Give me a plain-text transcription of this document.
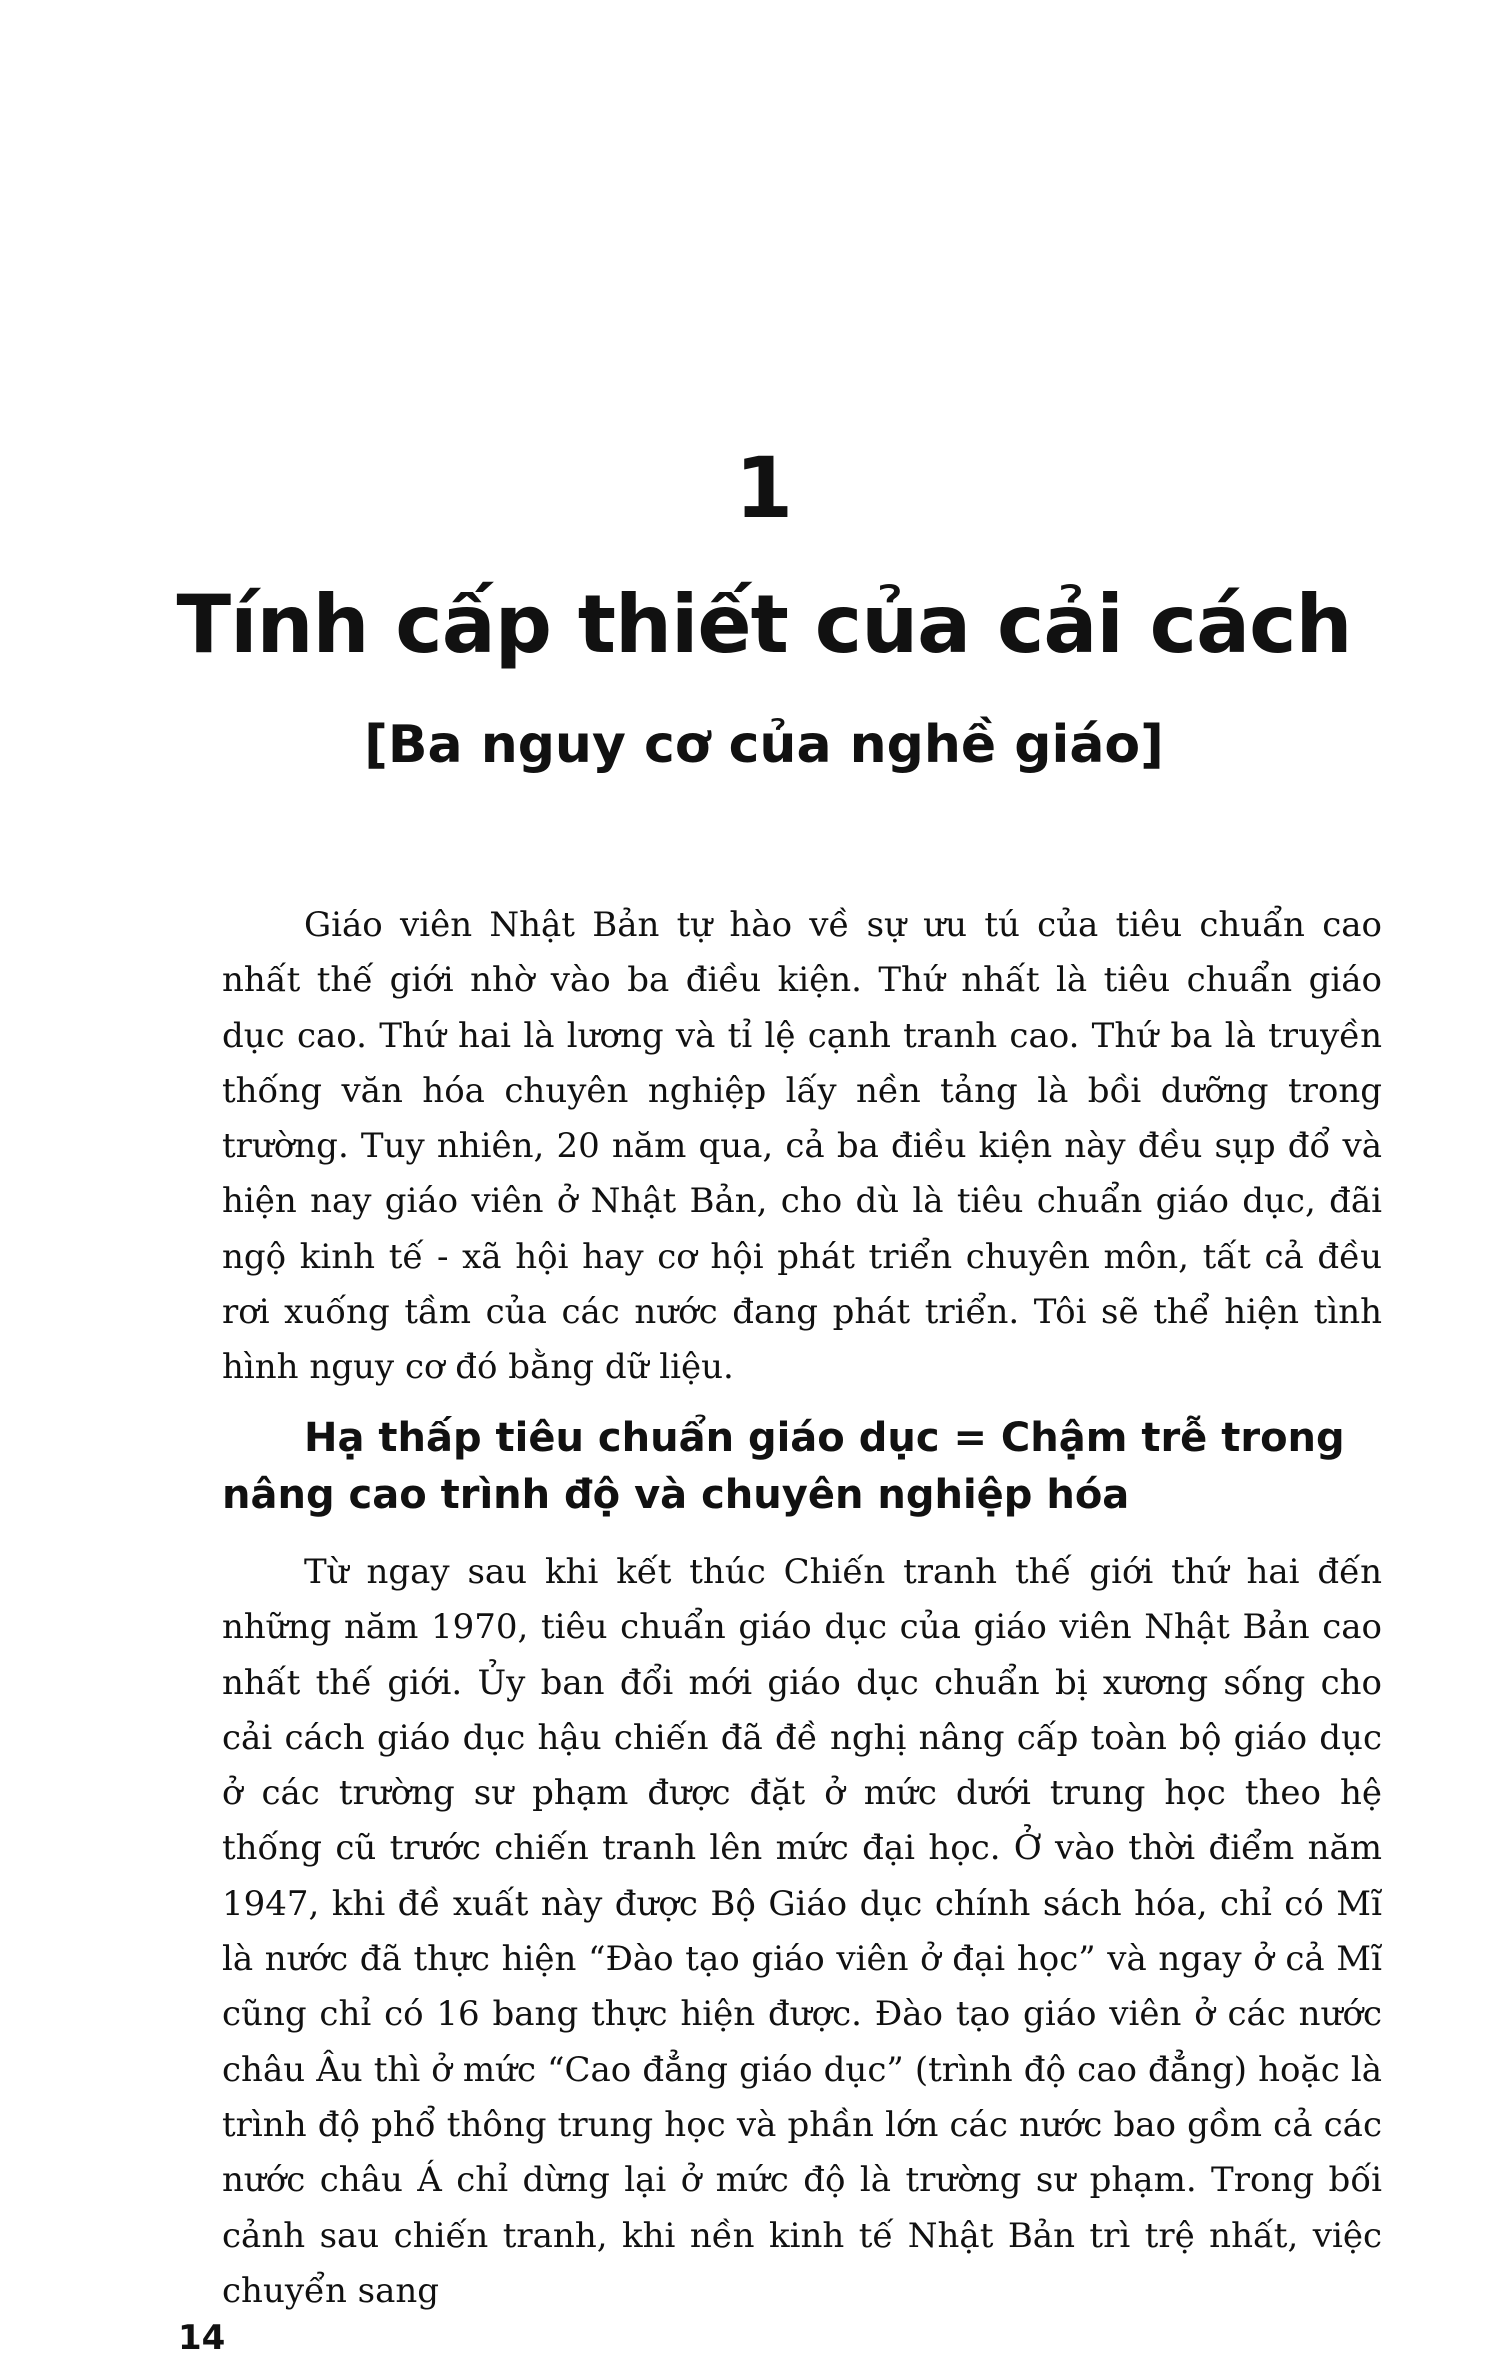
1
Tính cấp thiết của cải cách
[Ba nguy cơ của nghề giáo]

Giáo viên Nhật Bản tự hào về sự ưu tú của tiêu chuẩn cao nhất thế giới nhờ vào ba điều kiện. Thứ nhất là tiêu chuẩn giáo dục cao. Thứ hai là lương và tỉ lệ cạnh tranh cao. Thứ ba là truyền thống văn hóa chuyên nghiệp lấy nền tảng là bồi dưỡng trong trường. Tuy nhiên, 20 năm qua, cả ba điều kiện này đều sụp đổ và hiện nay giáo viên ở Nhật Bản, cho dù là tiêu chuẩn giáo dục, đãi ngộ kinh tế - xã hội hay cơ hội phát triển chuyên môn, tất cả đều rơi xuống tầm của các nước đang phát triển. Tôi sẽ thể hiện tình hình nguy cơ đó bằng dữ liệu.

Hạ thấp tiêu chuẩn giáo dục = Chậm trễ trong nâng cao trình độ và chuyên nghiệp hóa

Từ ngay sau khi kết thúc Chiến tranh thế giới thứ hai đến những năm 1970, tiêu chuẩn giáo dục của giáo viên Nhật Bản cao nhất thế giới. Ủy ban đổi mới giáo dục chuẩn bị xương sống cho cải cách giáo dục hậu chiến đã đề nghị nâng cấp toàn bộ giáo dục ở các trường sư phạm được đặt ở mức dưới trung học theo hệ thống cũ trước chiến tranh lên mức đại học. Ở vào thời điểm năm 1947, khi đề xuất này được Bộ Giáo dục chính sách hóa, chỉ có Mĩ là nước đã thực hiện “Đào tạo giáo viên ở đại học” và ngay ở cả Mĩ cũng chỉ có 16 bang thực hiện được. Đào tạo giáo viên ở các nước châu Âu thì ở mức “Cao đẳng giáo dục” (trình độ cao đẳng) hoặc là trình độ phổ thông trung học và phần lớn các nước bao gồm cả các nước châu Á chỉ dừng lại ở mức độ là trường sư phạm. Trong bối cảnh sau chiến tranh, khi nền kinh tế Nhật Bản trì trệ nhất, việc chuyển sang

14
